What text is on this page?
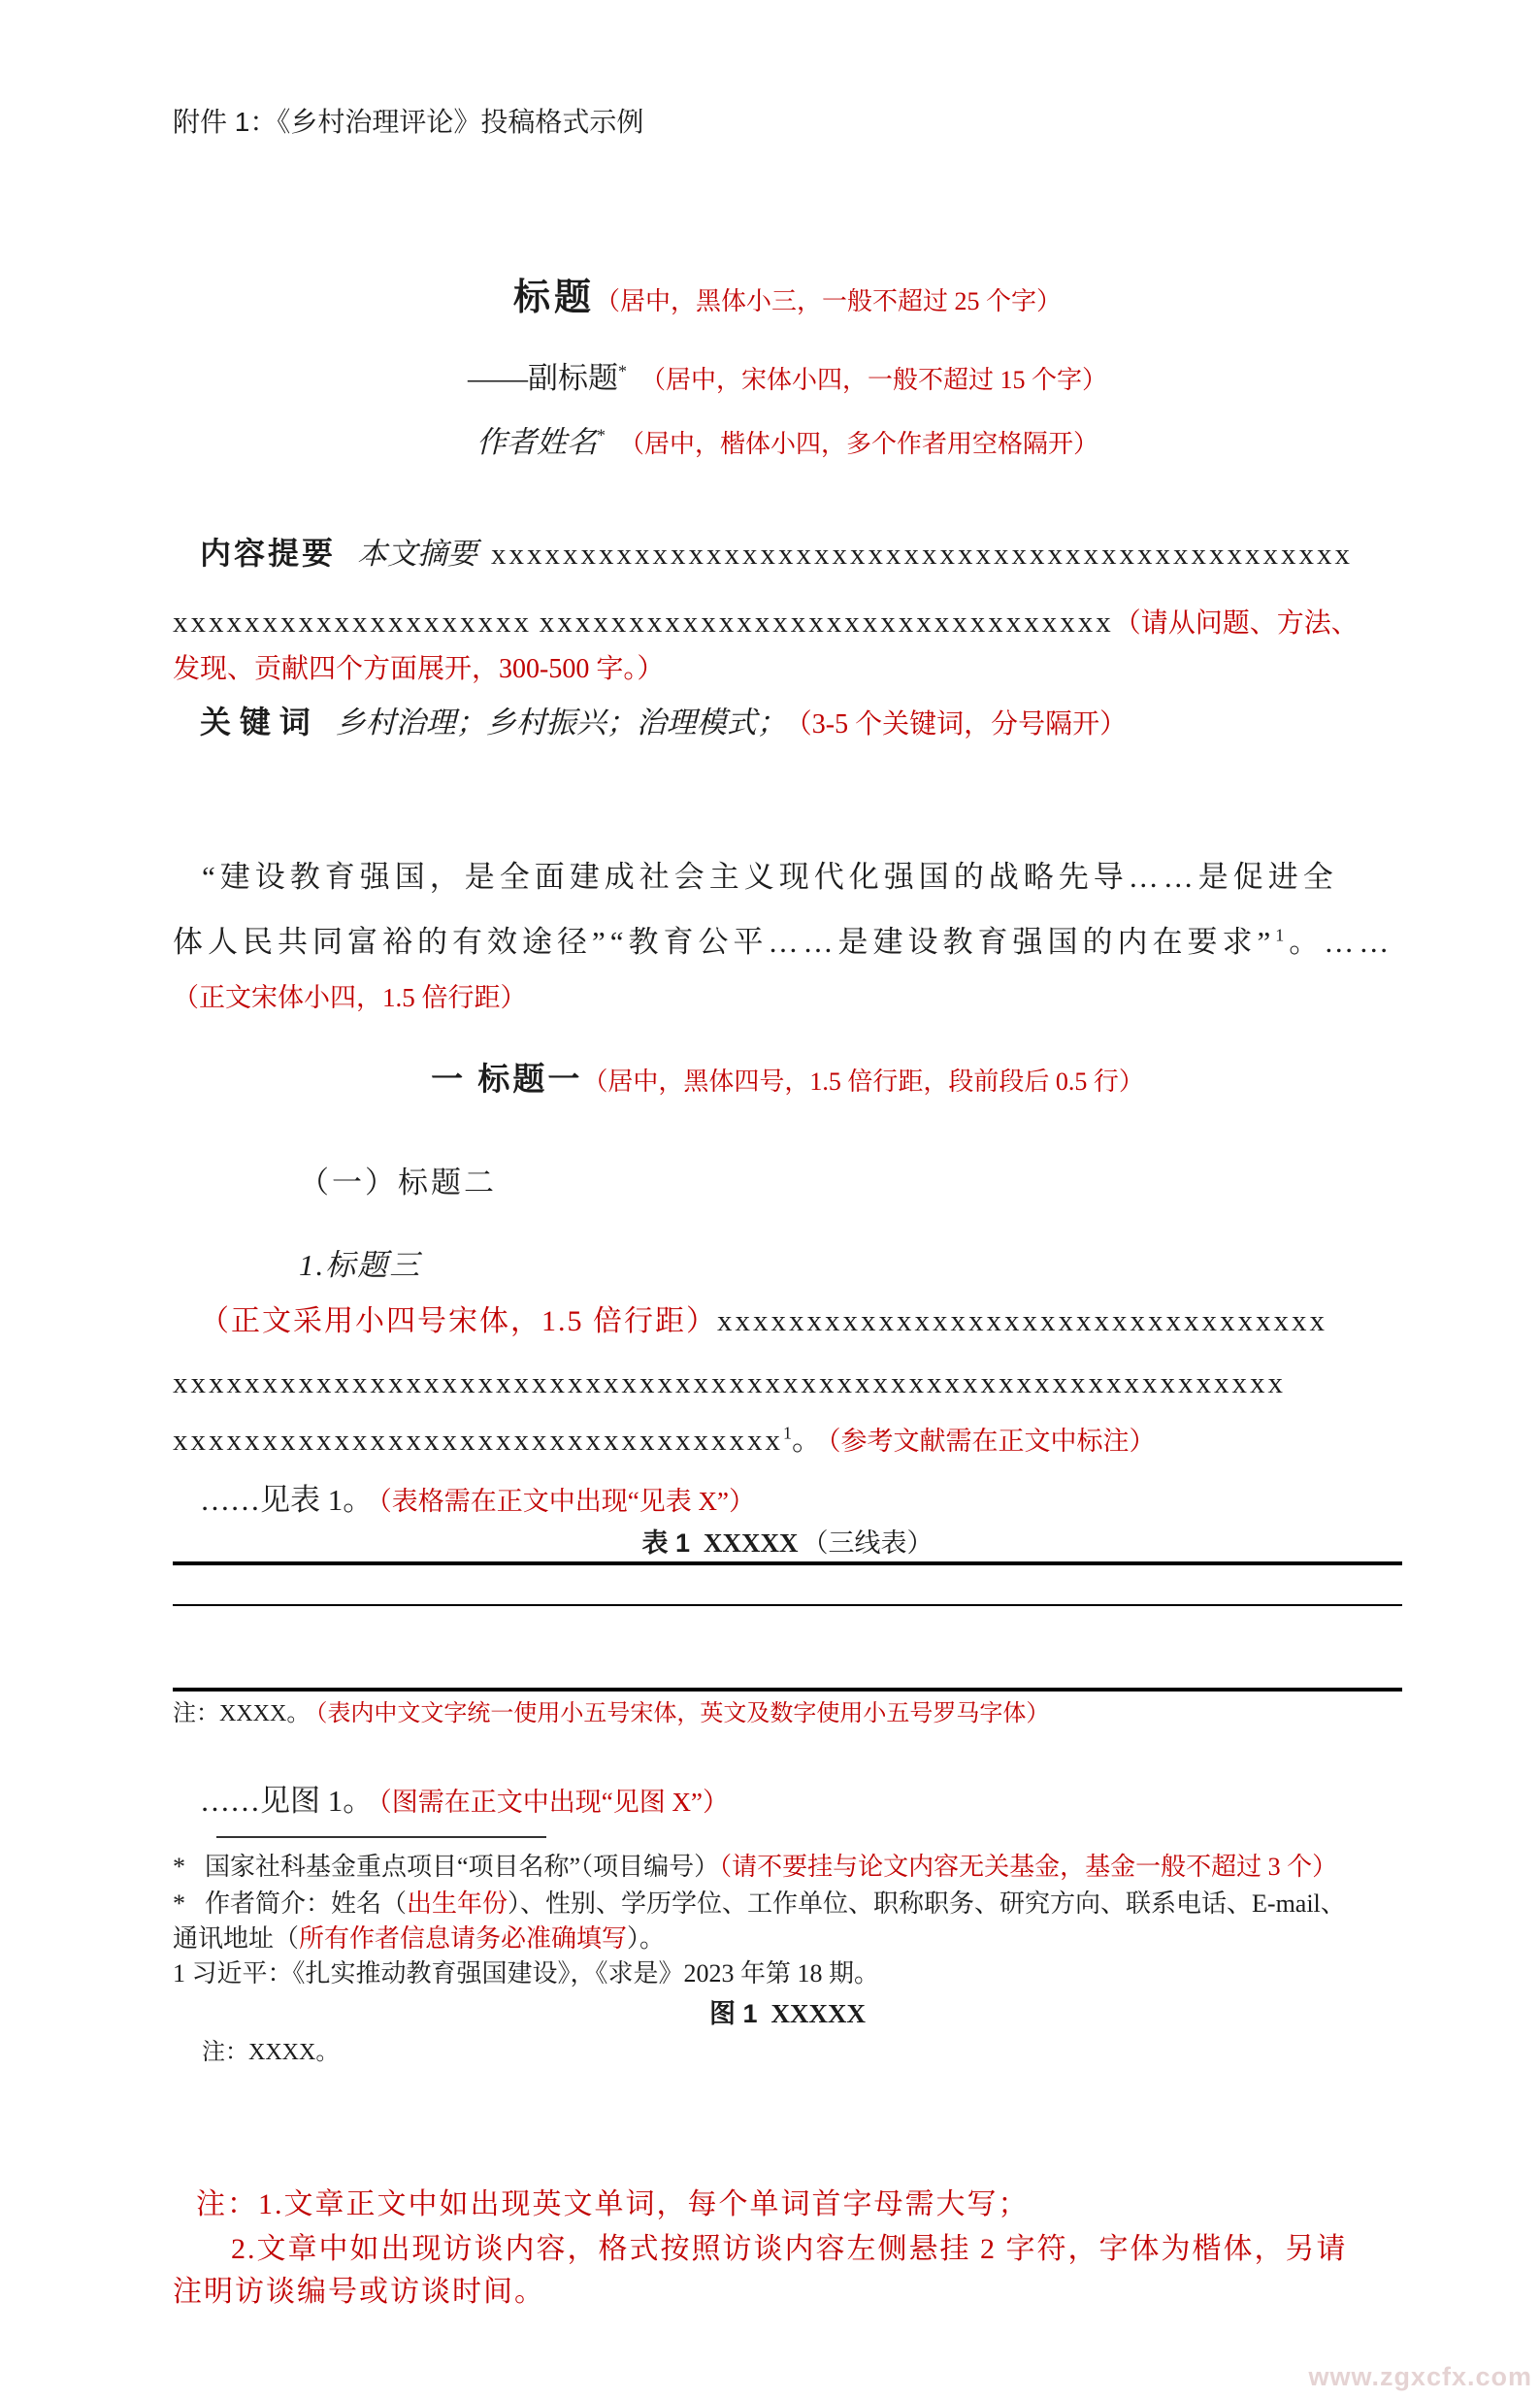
附件 1：《乡村治理评论》投稿格式示例
标题（居中，黑体小三，一般不超过 25 个字）
——副标题* （居中，宋体小四，一般不超过 15 个字）
作者姓名* （居中，楷体小四，多个作者用空格隔开）
内容提要 本文摘要 xxxxxxxxxxxxxxxxxxxxxxxxxxxxxxxxxxxxxxxxxxxxxxxx
xxxxxxxxxxxxxxxxxxxx xxxxxxxxxxxxxxxxxxxxxxxxxxxxxxxx（请从问题、方法、
发现、贡献四个方面展开，300-500 字。）
关 键 词 乡村治理；乡村振兴；治理模式； （3-5 个关键词，分号隔开）
“建设教育强国，是全面建成社会主义现代化强国的战略先导……是促进全
体人民共同富裕的有效途径”“教育公平……是建设教育强国的内在要求”$^1$。……
（正文宋体小四，1.5 倍行距）
一 标题一（居中，黑体四号，1.5 倍行距，段前段后 0.5 行）
（一）标题二
1.标题三
（正文采用小四号宋体，1.5 倍行距）xxxxxxxxxxxxxxxxxxxxxxxxxxxxxxxxxx
xxxxxxxxxxxxxxxxxxxxxxxxxxxxxxxxxxxxxxxxxxxxxxxxxxxxxxxxxxxxxx
xxxxxxxxxxxxxxxxxxxxxxxxxxxxxxxxxx$^1$。 （参考文献需在正文中标注）
……见表 1。 （表格需在正文中出现“见表 X”）
表 1 XXXXX （三线表）
注：XXXX。 （表内中文文字统一使用小五号宋体，英文及数字使用小五号罗马字体）
……见图 1。 （图需在正文中出现“见图 X”）
* 国家社科基金重点项目“项目名称”（项目编号）（请不要挂与论文内容无关基金，基金一般不超过 3 个）
* 作者简介：姓名（出生年份）、性别、学历学位、工作单位、职称职务、研究方向、联系电话、E-mail、
通讯地址（所有作者信息请务必准确填写）。
1 习近平：《扎实推动教育强国建设》，《求是》2023 年第 18 期。
图 1 XXXXX
注：XXXX。
注：1.文章正文中如出现英文单词，每个单词首字母需大写；
2.文章中如出现访谈内容，格式按照访谈内容左侧悬挂 2 字符，字体为楷体，另请
注明访谈编号或访谈时间。
www.zgxcfx.com
